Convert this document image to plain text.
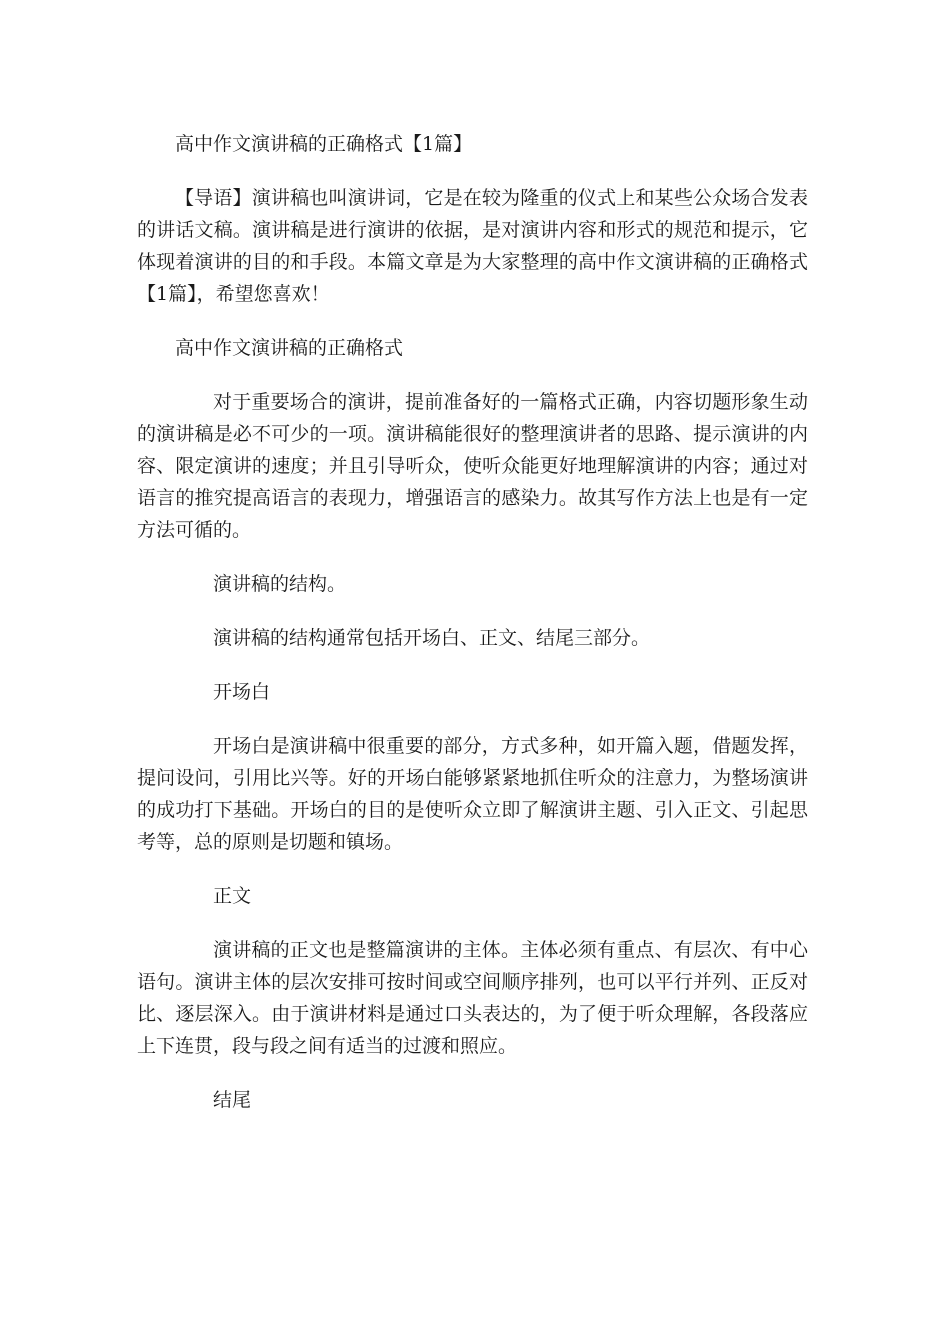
高中作文演讲稿的正确格式【1篇】

【导语】演讲稿也叫演讲词，它是在较为隆重的仪式上和某些公众场合发表的讲话文稿。演讲稿是进行演讲的依据，是对演讲内容和形式的规范和提示，它体现着演讲的目的和手段。本篇文章是为大家整理的高中作文演讲稿的正确格式【1篇】，希望您喜欢！

高中作文演讲稿的正确格式

对于重要场合的演讲，提前准备好的一篇格式正确，内容切题形象生动的演讲稿是必不可少的一项。演讲稿能很好的整理演讲者的思路、提示演讲的内容、限定演讲的速度；并且引导听众，使听众能更好地理解演讲的内容；通过对语言的推究提高语言的表现力，增强语言的感染力。故其写作方法上也是有一定方法可循的。

演讲稿的结构。

演讲稿的结构通常包括开场白、正文、结尾三部分。

开场白

开场白是演讲稿中很重要的部分，方式多种，如开篇入题，借题发挥，提问设问，引用比兴等。好的开场白能够紧紧地抓住听众的注意力，为整场演讲的成功打下基础。开场白的目的是使听众立即了解演讲主题、引入正文、引起思考等，总的原则是切题和镇场。

正文

演讲稿的正文也是整篇演讲的主体。主体必须有重点、有层次、有中心语句。演讲主体的层次安排可按时间或空间顺序排列，也可以平行并列、正反对比、逐层深入。由于演讲材料是通过口头表达的，为了便于听众理解，各段落应上下连贯，段与段之间有适当的过渡和照应。

结尾
